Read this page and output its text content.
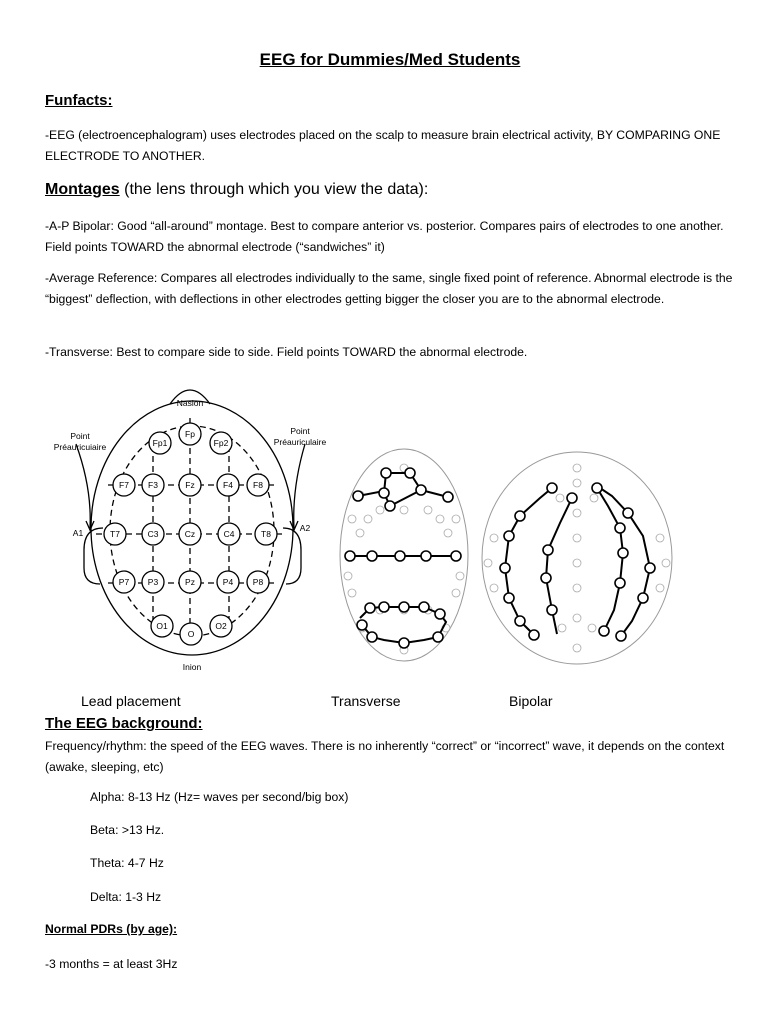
EEG for Dummies/Med Students
Funfacts:
-EEG (electroencephalogram) uses electrodes placed on the scalp to measure brain electrical activity, BY COMPARING ONE ELECTRODE TO ANOTHER.
Montages (the lens through which you view the data):
-A-P Bipolar: Good “all-around” montage. Best to compare anterior vs. posterior. Compares pairs of electrodes to one another. Field points TOWARD the abnormal electrode (“sandwiches” it)
-Average Reference: Compares all electrodes individually to the same, single fixed point of reference. Abnormal electrode is the “biggest” deflection, with deflections in other electrodes getting bigger the closer you are to the abnormal electrode.
-Transverse: Best to compare side to side. Field points TOWARD the abnormal electrode.
Nasion
Inion
Point
Préauricuiaire
Point
Préauriculaire
A1	A2
Fp
Fp1	Fp2
F7 F3	Fz	F4 F8
T7	C3	Cz	C4	T8
P7 P3	Pz	P4 P8
O1
O
O2
Lead placement	Transverse	Bipolar
The EEG background:
Frequency/rhythm: the speed of the EEG waves. There is no inherently “correct” or “incorrect” wave, it depends on the context (awake, sleeping, etc)
Alpha: 8-13 Hz (Hz= waves per second/big box)
Beta: >13 Hz.
Theta: 4-7 Hz
Delta: 1-3 Hz
Normal PDRs (by age):
-3 months = at least 3Hz
